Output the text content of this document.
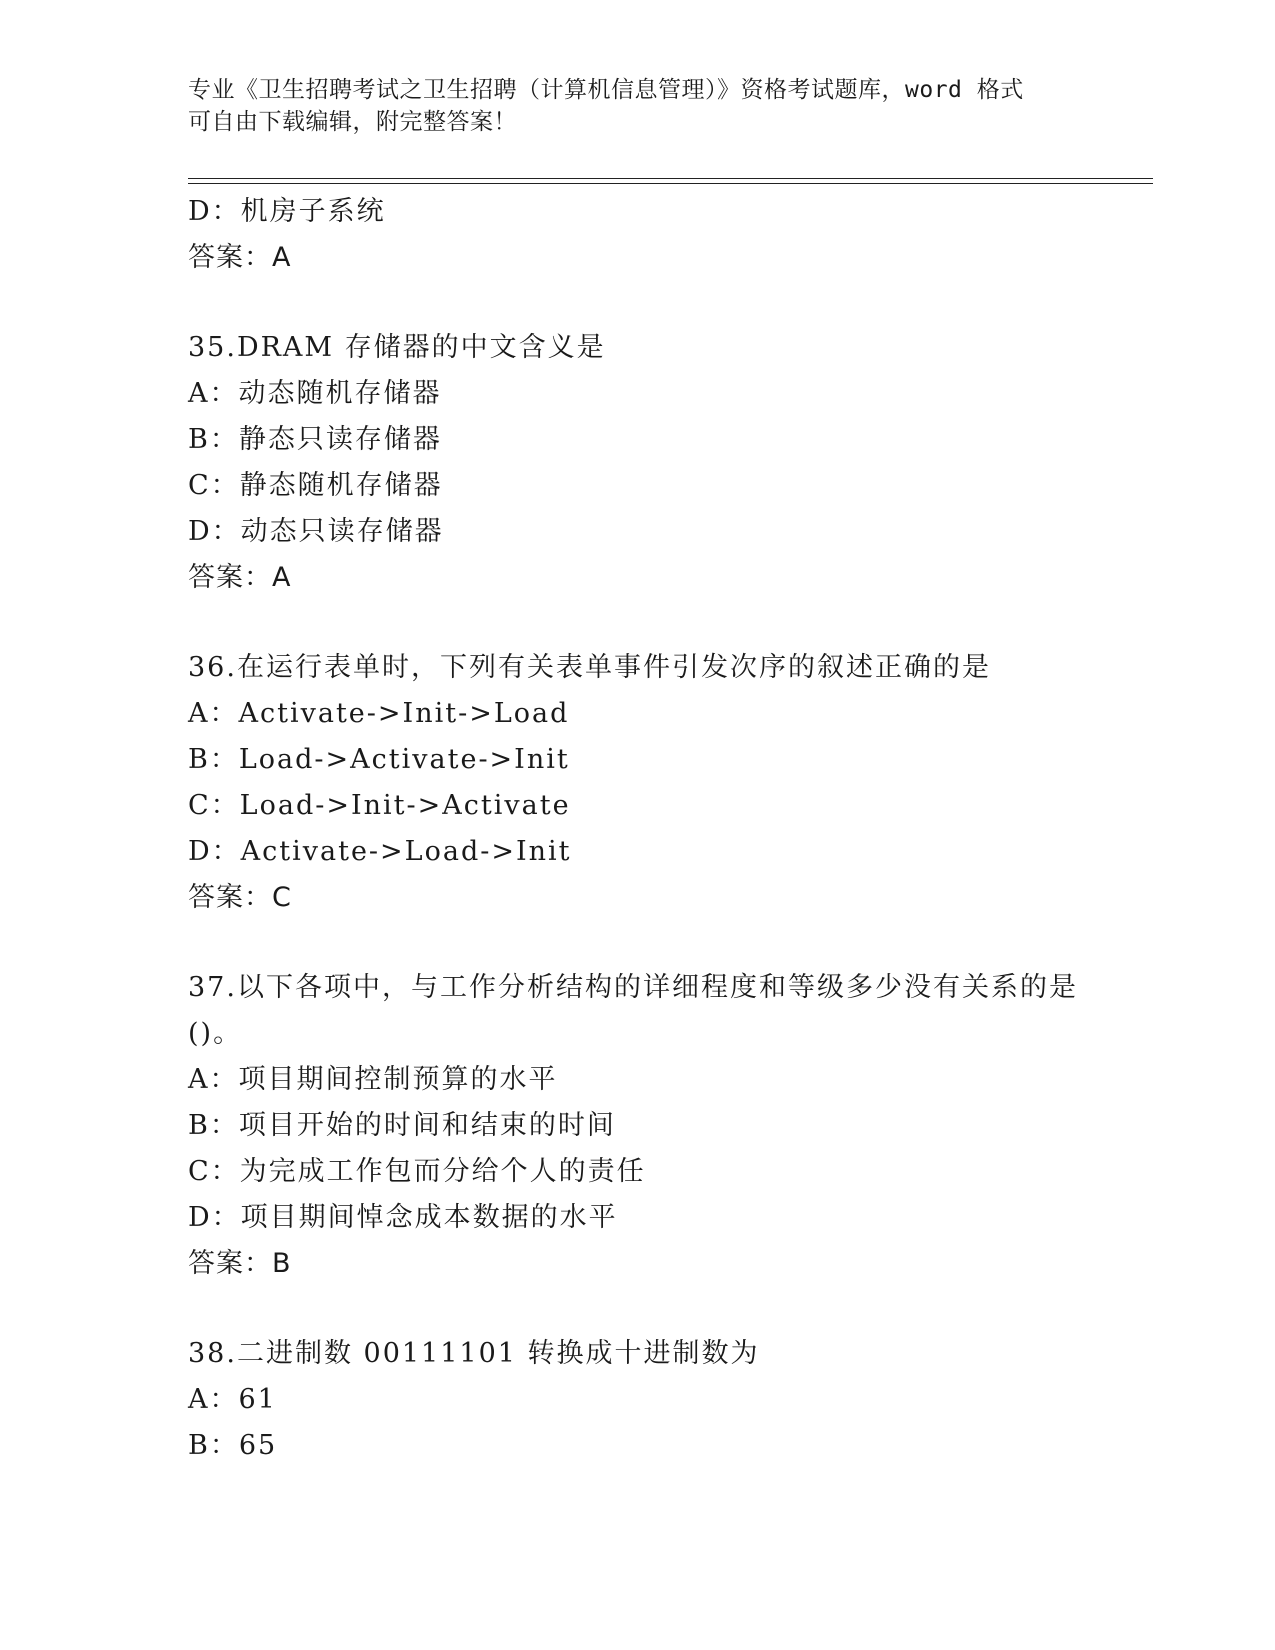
专业《卫生招聘考试之卫生招聘（计算机信息管理）》资格考试题库，word 格式
可自由下载编辑，附完整答案！
D：机房子系统
答案：A
35.DRAM 存储器的中文含义是
A：动态随机存储器
B：静态只读存储器
C：静态随机存储器
D：动态只读存储器
答案：A
36.在运行表单时，下列有关表单事件引发次序的叙述正确的是
A：Activate->Init->Load
B：Load->Activate->Init
C：Load->Init->Activate
D：Activate->Load->Init
答案：C
37.以下各项中，与工作分析结构的详细程度和等级多少没有关系的是
()。
A：项目期间控制预算的水平
B：项目开始的时间和结束的时间
C：为完成工作包而分给个人的责任
D：项目期间悼念成本数据的水平
答案：B
38.二进制数 00111101 转换成十进制数为
A：61
B：65
